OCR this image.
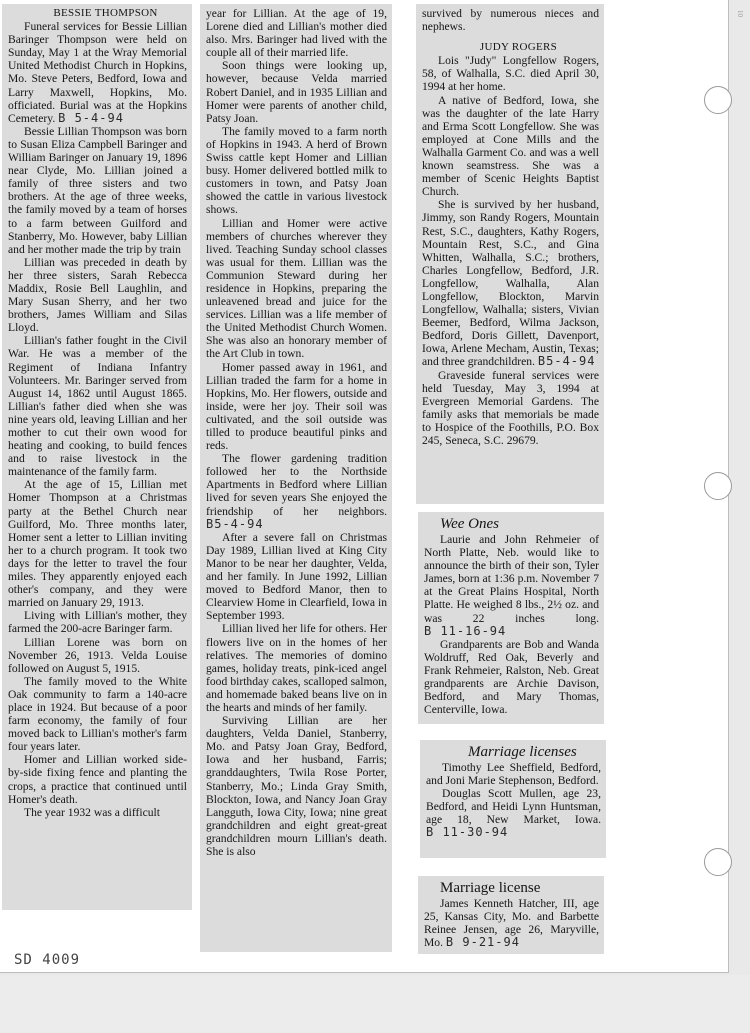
BESSIE THOMPSON

Funeral services for Bessie Lillian Baringer Thompson were held on Sunday, May 1 at the Wray Memorial United Methodist Church in Hopkins, Mo. Steve Peters, Bedford, Iowa and Larry Maxwell, Hopkins, Mo. officiated. Burial was at the Hopkins Cemetery. B 5-4-94

Bessie Lillian Thompson was born to Susan Eliza Campbell Baringer and William Baringer on January 19, 1896 near Clyde, Mo. Lillian joined a family of three sisters and two brothers. At the age of three weeks, the family moved by a team of horses to a farm between Guilford and Stanberry, Mo. However, baby Lillian and her mother made the trip by train

Lillian was preceded in death by her three sisters, Sarah Rebecca Maddix, Rosie Bell Laughlin, and Mary Susan Sherry, and her two brothers, James William and Silas Lloyd.

Lillian's father fought in the Civil War. He was a member of the Regiment of Indiana Infantry Volunteers. Mr. Baringer served from August 14, 1862 until August 1865. Lillian's father died when she was nine years old, leaving Lillian and her mother to cut their own wood for heating and cooking, to build fences and to raise livestock in the maintenance of the family farm.

At the age of 15, Lillian met Homer Thompson at a Christmas party at the Bethel Church near Guilford, Mo. Three months later, Homer sent a letter to Lillian inviting her to a church program. It took two days for the letter to travel the four miles. They apparently enjoyed each other's company, and they were married on January 29, 1913.

Living with Lillian's mother, they farmed the 200-acre Baringer farm.

Lillian Lorene was born on November 26, 1913. Velda Louise followed on August 5, 1915.

The family moved to the White Oak community to farm a 140-acre place in 1924. But because of a poor farm economy, the family of four moved back to Lillian's mother's farm four years later.

Homer and Lillian worked side-by-side fixing fence and planting the crops, a practice that continued until Homer's death.

The year 1932 was a difficult

year for Lillian. At the age of 19, Lorene died and Lillian's mother died also. Mrs. Baringer had lived with the couple all of their married life.

Soon things were looking up, however, because Velda married Robert Daniel, and in 1935 Lillian and Homer were parents of another child, Patsy Joan.

The family moved to a farm north of Hopkins in 1943. A herd of Brown Swiss cattle kept Homer and Lillian busy. Homer delivered bottled milk to customers in town, and Patsy Joan showed the cattle in various livestock shows.

Lillian and Homer were active members of churches wherever they lived. Teaching Sunday school classes was usual for them. Lillian was the Communion Steward during her residence in Hopkins, preparing the unleavened bread and juice for the services. Lillian was a life member of the United Methodist Church Women. She was also an honorary member of the Art Club in town.

Homer passed away in 1961, and Lillian traded the farm for a home in Hopkins, Mo. Her flowers, outside and inside, were her joy. Their soil was cultivated, and the soil outside was tilled to produce beautiful pinks and reds.

The flower gardening tradition followed her to the Northside Apartments in Bedford where Lillian lived for seven years She enjoyed the friendship of her neighbors. B5-4-94

After a severe fall on Christmas Day 1989, Lillian lived at King City Manor to be near her daughter, Velda, and her family. In June 1992, Lillian moved to Bedford Manor, then to Clearview Home in Clearfield, Iowa in September 1993.

Lillian lived her life for others. Her flowers live on in the homes of her relatives. The memories of domino games, holiday treats, pink-iced angel food birthday cakes, scalloped salmon, and homemade baked beans live on in the hearts and minds of her family.

Surviving Lillian are her daughters, Velda Daniel, Stanberry, Mo. and Patsy Joan Gray, Bedford, Iowa and her husband, Farris; granddaughters, Twila Rose Porter, Stanberry, Mo.; Linda Gray Smith, Blockton, Iowa, and Nancy Joan Gray Langguth, Iowa City, Iowa; nine great grandchildren and eight great-great grandchildren mourn Lillian's death. She is also

survived by numerous nieces and nephews.

JUDY ROGERS

Lois "Judy" Longfellow Rogers, 58, of Walhalla, S.C. died April 30, 1994 at her home.

A native of Bedford, Iowa, she was the daughter of the late Harry and Erma Scott Longfellow. She was employed at Cone Mills and the Walhalla Garment Co. and was a well known seamstress. She was a member of Scenic Heights Baptist Church.

She is survived by her husband, Jimmy, son Randy Rogers, Mountain Rest, S.C., daughters, Kathy Rogers, Mountain Rest, S.C., and Gina Whitten, Walhalla, S.C.; brothers, Charles Longfellow, Bedford, J.R. Longfellow, Walhalla, Alan Longfellow, Blockton, Marvin Longfellow, Walhalla; sisters, Vivian Beemer, Bedford, Wilma Jackson, Bedford, Doris Gillett, Davenport, Iowa, Arlene Mecham, Austin, Texas; and three grandchildren. B5-4-94

Graveside funeral services were held Tuesday, May 3, 1994 at Evergreen Memorial Gardens. The family asks that memorials be made to Hospice of the Foothills, P.O. Box 245, Seneca, S.C. 29679.

Wee Ones

Laurie and John Rehmeier of North Platte, Neb. would like to announce the birth of their son, Tyler James, born at 1:36 p.m. November 7 at the Great Plains Hospital, North Platte. He weighed 8 lbs., 2½ oz. and was 22 inches long. B 11-16-94

Grandparents are Bob and Wanda Woldruff, Red Oak, Beverly and Frank Rehmeier, Ralston, Neb. Great grandparents are Archie Davison, Bedford, and Mary Thomas, Centerville, Iowa.

Marriage licenses

Timothy Lee Sheffield, Bedford, and Joni Marie Stephenson, Bedford.

Douglas Scott Mullen, age 23, Bedford, and Heidi Lynn Huntsman, age 18, New Market, Iowa. B 11-30-94

Marriage license

James Kenneth Hatcher, III, age 25, Kansas City, Mo. and Barbette Reinee Jensen, age 26, Maryville, Mo. B 9-21-94

SD 4009
10
